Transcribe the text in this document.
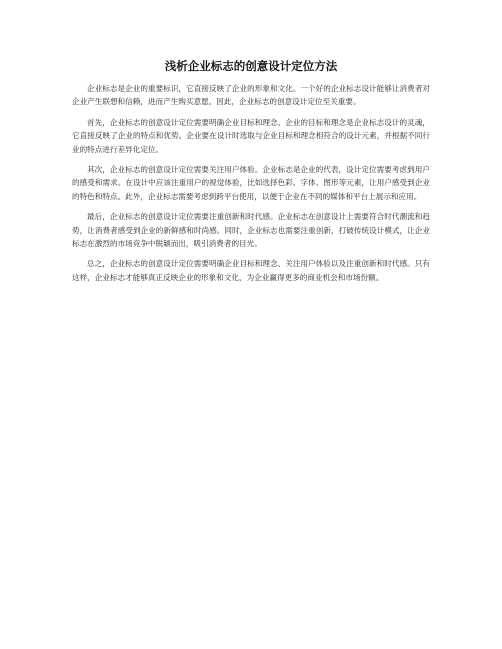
浅析企业标志的创意设计定位方法

企业标志是企业的重要标识，它直接反映了企业的形象和文化。一个好的企业标志设计能够让消费者对企业产生联想和信赖，进而产生购买意愿。因此，企业标志的创意设计定位至关重要。

首先，企业标志的创意设计定位需要明确企业目标和理念。企业的目标和理念是企业标志设计的灵魂，它直接反映了企业的特点和优势。企业要在设计时选取与企业目标和理念相符合的设计元素，并根据不同行业的特点进行差异化定位。

其次，企业标志的创意设计定位需要关注用户体验。企业标志是企业的代表，设计定位需要考虑到用户的感受和需求。在设计中应该注重用户的视觉体验，比如选择色彩、字体、图形等元素，让用户感受到企业的特色和特点。此外，企业标志需要考虑到跨平台使用，以便于企业在不同的媒体和平台上展示和应用。

最后，企业标志的创意设计定位需要注重创新和时代感。企业标志在创意设计上需要符合时代潮流和趋势，让消费者感受到企业的新鲜感和时尚感。同时，企业标志也需要注重创新，打破传统设计模式，让企业标志在激烈的市场竞争中脱颖而出，吸引消费者的目光。

总之，企业标志的创意设计定位需要明确企业目标和理念、关注用户体验以及注重创新和时代感。只有这样，企业标志才能够真正反映企业的形象和文化，为企业赢得更多的商业机会和市场份额。
